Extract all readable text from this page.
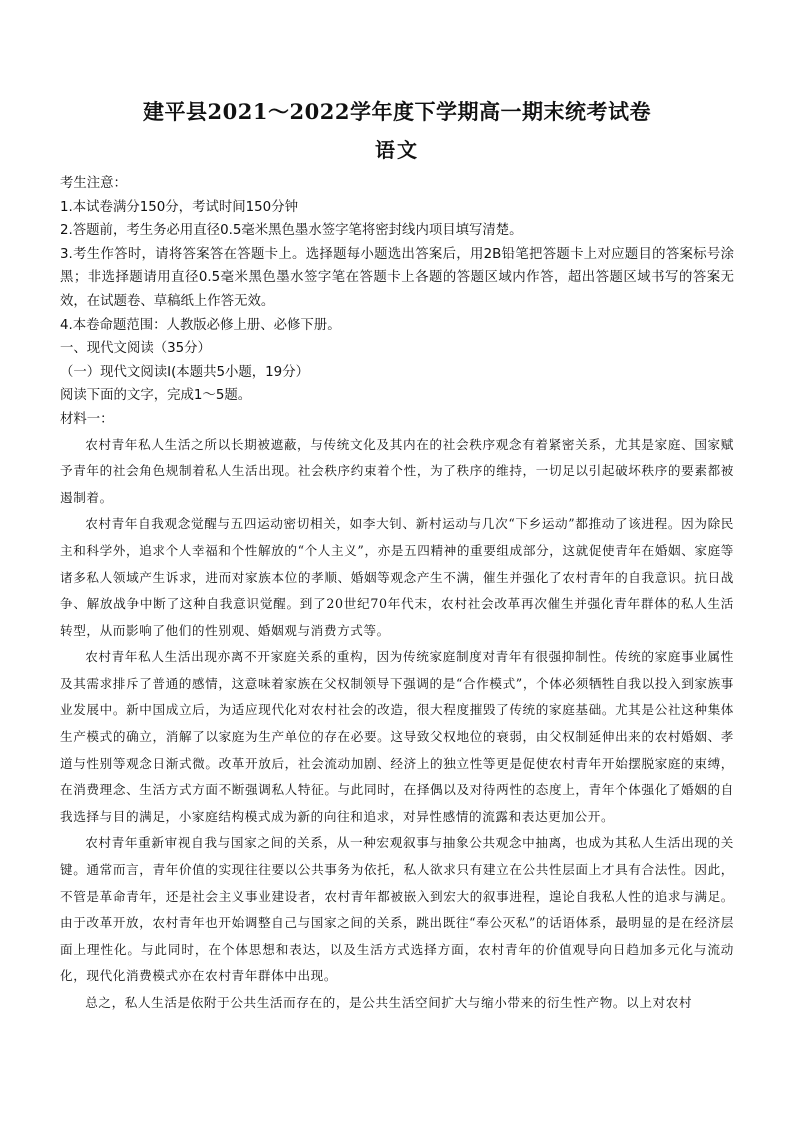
建平县2021～2022学年度下学期高一期末统考试卷
语文

考生注意：

1.本试卷满分150分，考试时间150分钟

2.答题前，考生务必用直径0.5毫米黑色墨水签字笔将密封线内项目填写清楚。

3.考生作答时，请将答案答在答题卡上。选择题每小题选出答案后，用2B铅笔把答题卡上对应题目的答案标号涂黑；非选择题请用直径0.5毫米黑色墨水签字笔在答题卡上各题的答题区域内作答，超出答题区域书写的答案无效，在试题卷、草稿纸上作答无效。

4.本卷命题范围：人教版必修上册、必修下册。

一、现代文阅读（35分）

（一）现代文阅读Ⅰ(本题共5小题，19分）

阅读下面的文字，完成1～5题。

材料一：

农村青年私人生活之所以长期被遮蔽，与传统文化及其内在的社会秩序观念有着紧密关系，尤其是家庭、国家赋予青年的社会角色规制着私人生活出现。社会秩序约束着个性，为了秩序的维持，一切足以引起破坏秩序的要素都被遏制着。

农村青年自我观念觉醒与五四运动密切相关，如李大钊、新村运动与几次“下乡运动”都推动了该进程。因为除民主和科学外，追求个人幸福和个性解放的“个人主义”，亦是五四精神的重要组成部分，这就促使青年在婚姻、家庭等诸多私人领域产生诉求，进而对家族本位的孝顺、婚姻等观念产生不满，催生并强化了农村青年的自我意识。抗日战争、解放战争中断了这种自我意识觉醒。到了20世纪70年代末，农村社会改革再次催生并强化青年群体的私人生活转型，从而影响了他们的性别观、婚姻观与消费方式等。

农村青年私人生活出现亦离不开家庭关系的重构，因为传统家庭制度对青年有很强抑制性。传统的家庭事业属性及其需求排斥了普通的感情，这意味着家族在父权制领导下强调的是“合作模式”，个体必须牺牲自我以投入到家族事业发展中。新中国成立后，为适应现代化对农村社会的改造，很大程度摧毁了传统的家庭基础。尤其是公社这种集体生产模式的确立，消解了以家庭为生产单位的存在必要。这导致父权地位的衰弱，由父权制延伸出来的农村婚姻、孝道与性别等观念日渐式微。改革开放后，社会流动加剧、经济上的独立性等更是促使农村青年开始摆脱家庭的束缚，在消费理念、生活方式方面不断强调私人特征。与此同时，在择偶以及对待两性的态度上，青年个体强化了婚姻的自我选择与目的满足，小家庭结构模式成为新的向往和追求，对异性感情的流露和表达更加公开。

农村青年重新审视自我与国家之间的关系，从一种宏观叙事与抽象公共观念中抽离，也成为其私人生活出现的关键。通常而言，青年价值的实现往往要以公共事务为依托，私人欲求只有建立在公共性层面上才具有合法性。因此，不管是革命青年，还是社会主义事业建设者，农村青年都被嵌入到宏大的叙事进程，遑论自我私人性的追求与满足。由于改革开放，农村青年也开始调整自己与国家之间的关系，跳出既往“奉公灭私”的话语体系，最明显的是在经济层面上理性化。与此同时，在个体思想和表达，以及生活方式选择方面，农村青年的价值观导向日趋加多元化与流动化，现代化消费模式亦在农村青年群体中出现。

总之，私人生活是依附于公共生活而存在的，是公共生活空间扩大与缩小带来的衍生性产物。以上对农村
